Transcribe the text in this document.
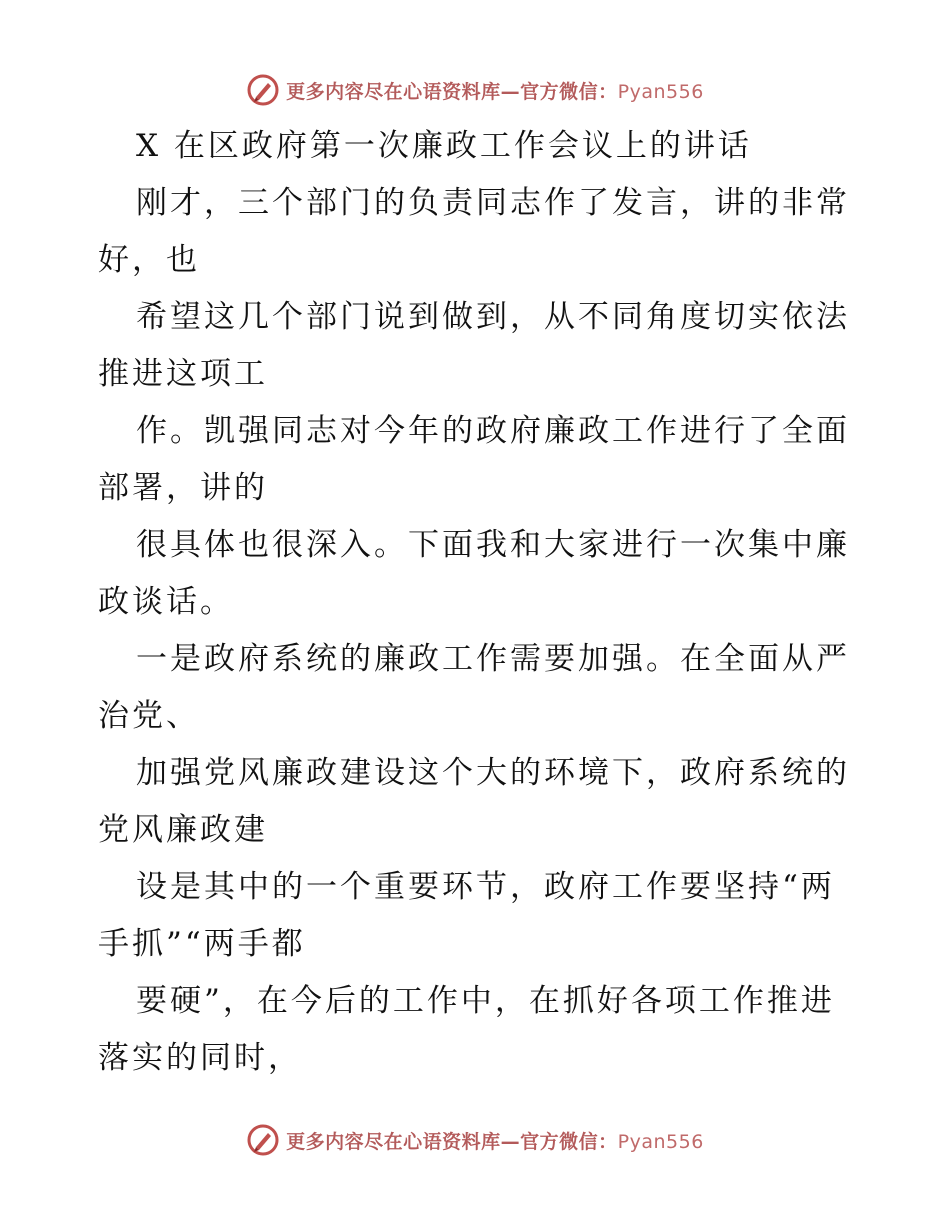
更多内容尽在心语资料库—官方微信：Pyan556
X 在区政府第一次廉政工作会议上的讲话
刚才，三个部门的负责同志作了发言，讲的非常
好，也
希望这几个部门说到做到，从不同角度切实依法
推进这项工
作。凯强同志对今年的政府廉政工作进行了全面
部署，讲的
很具体也很深入。下面我和大家进行一次集中廉
政谈话。
一是政府系统的廉政工作需要加强。在全面从严
治党、
加强党风廉政建设这个大的环境下，政府系统的
党风廉政建
设是其中的一个重要环节，政府工作要坚持“两
手抓”“两手都
要硬”，在今后的工作中，在抓好各项工作推进
落实的同时，
更多内容尽在心语资料库—官方微信：Pyan556
